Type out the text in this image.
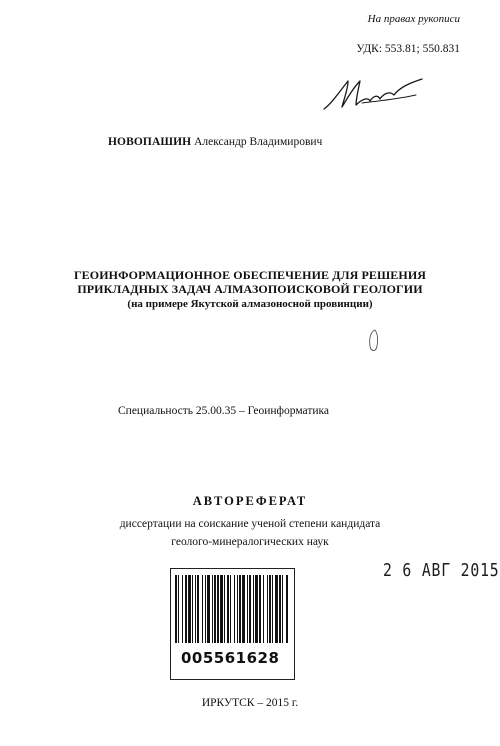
На правах рукописи
УДК: 553.81; 550.831
НОВОПАШИН Александр Владимирович
ГЕОИНФОРМАЦИОННОЕ ОБЕСПЕЧЕНИЕ ДЛЯ РЕШЕНИЯ
ПРИКЛАДНЫХ ЗАДАЧ АЛМАЗОПОИСКОВОЙ ГЕОЛОГИИ
(на примере Якутской алмазоносной провинции)
Специальность 25.00.35 – Геоинформатика
АВТОРЕФЕРАТ
диссертации на соискание ученой степени кандидата
геолого-минералогических наук
2 6 АВГ 2015
005561628
ИРКУТСК – 2015 г.
